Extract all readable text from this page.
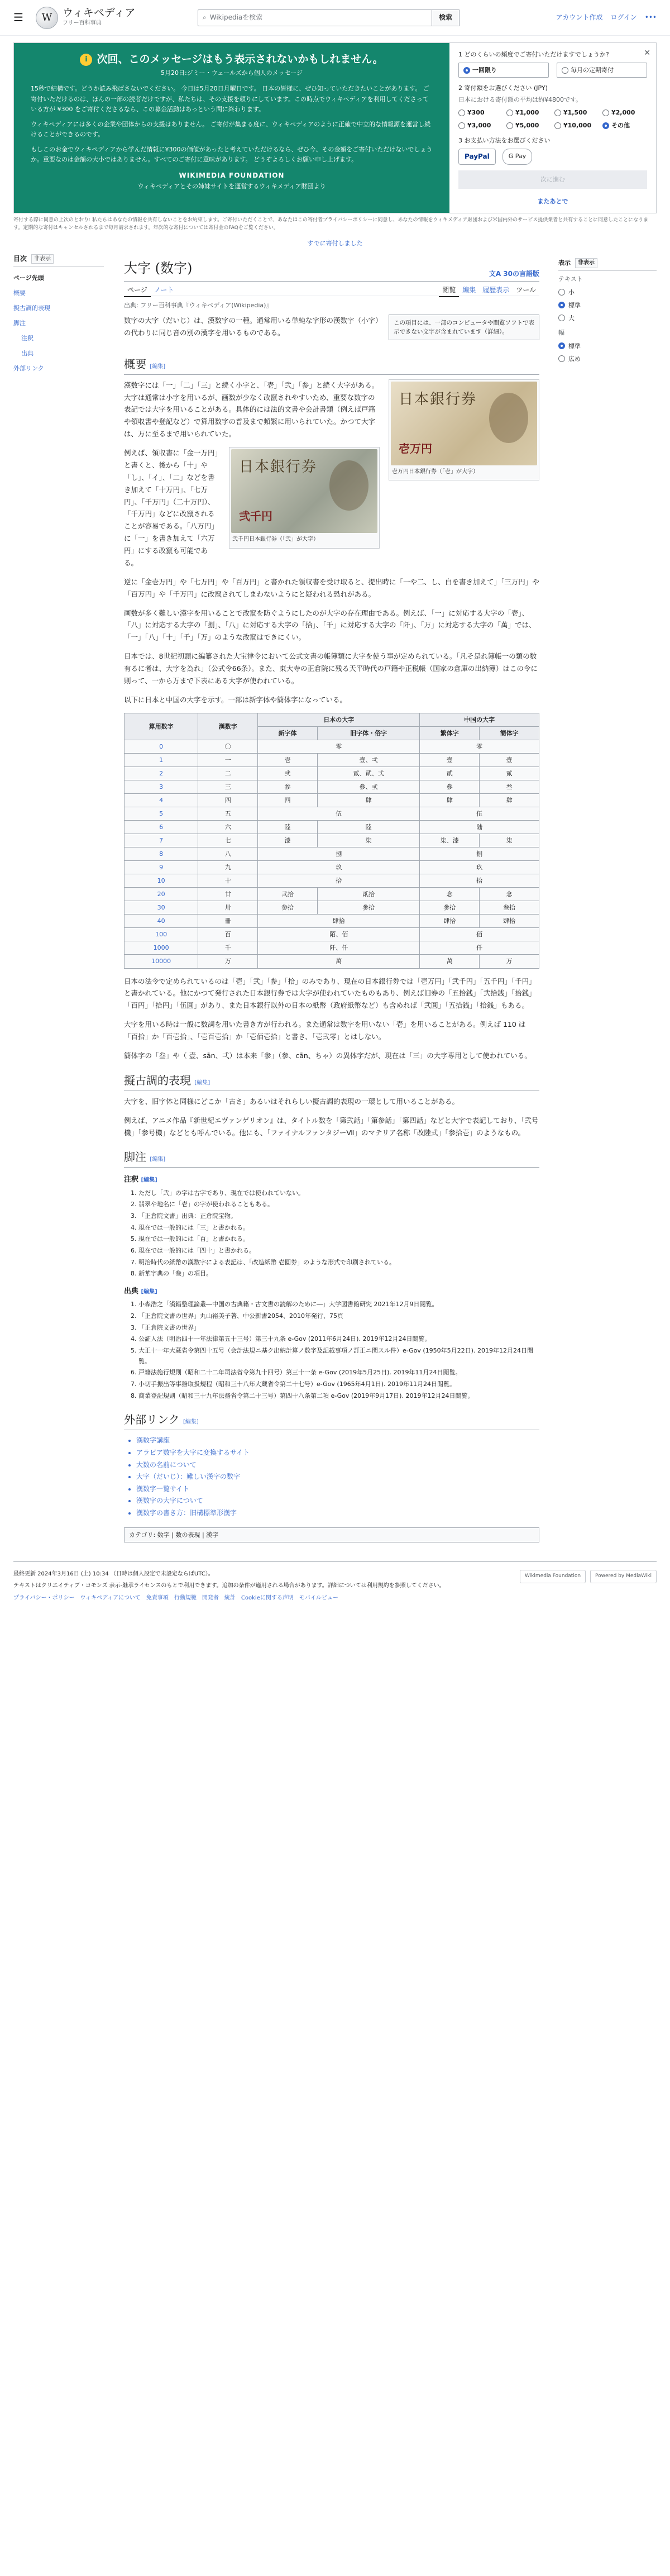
☰	W ウィキペディア
フリー百科事典
⌕ Wikipediaを検索	検索	アカウント作成 ログイン •••
i 次回、このメッセージはもう表示されないかもしれません。
5月20日:ジミー・ウェールズから個人のメッセージ

15秒で結構です。どうか読み飛ばさないでください。 今日は5月20日月曜日です。 日本の皆様に、ぜひ知っていただきたいことがあります。 ご寄付いただけるのは、ほんの一部の読者だけですが、私たちは、その支援を頼りにしています。この時点でウィキペディアを利用してくださっている方が ¥300 をご寄付くださるなら、この募金活動はあっという間に終わります。

ウィキペディアには多くの企業や団体からの支援はありません。 ご寄付が集まる度に、ウィキペディアのように正確で中立的な情報源を運営し続けることができるのです。

もしこのお金でウィキペディアから学んだ情報に¥300の価値があったと考えていただけるなら、ぜひ今、その金額をご寄付いただけないでしょうか。重要なのは金額の大小ではありません。すべてのご寄付に意味があります。 どうぞよろしくお願い申し上げます。

WIKIMEDIA FOUNDATION
ウィキペディアとその姉妹サイトを運営するウィキメディア財団より
✕
1 どのくらいの頻度でご寄付いただけますでしょうか?
一回限り	毎月の定期寄付
2 寄付額をお選びください (JPY)
日本における寄付額の平均は約¥4800です。
¥300	¥1,000	¥1,500	¥2,000
¥3,000	¥5,000	¥10,000	その他
3 お支払い方法をお選びください
PayPal	G Pay
次に進む
またあとで
寄付する際に同意の上次のとおり: 私たちはあなたの情報を共有しないことをお約束します。ご寄付いただくことで、あなたはこの寄付者プライバシーポリシーに同意し、あなたの情報をウィキメディア財団および米国内外のサービス提供業者と共有することに同意したことになります。定期的な寄付はキャンセルされるまで毎月請求されます。年次的な寄付については寄付金のFAQをご覧ください。
すでに寄付しました
目次	非表示
ページ先頭
概要
擬古調的表現
脚注
注釈
出典
外部リンク
大字 (数字)	文A 30の言語版
ページ ノート	閲覧 編集 履歴表示 ツール
出典: フリー百科事典『ウィキペディア(Wikipedia)』

数字の大字（だいじ）は、漢数字の一種。通常用いる単純な字形の漢数字（小字）の代わりに同じ音の別の漢字を用いるものである。

この項目には、一部のコンピュータや閲覧ソフトで表示できない文字が含まれています（詳細）。
概要 [編集]
日本銀行券
壱万円
壱万円日本銀行券（「壱」が大字）

漢数字には「一」「二」「三」と続く小字と、「壱」「弐」「参」と続く大字がある。大字は通常は小字を用いるが、画数が少なく改竄されやすいため、重要な数字の表記では大字を用いることがある。具体的には法的文書や会計書類（例えば戸籍や領収書や登記など）で算用数字の普及まで頻繁に用いられていた。かつて大字は、万に至るまで用いられていた。

日本銀行券
弐千円
弐千円日本銀行券（「弐」が大字）

例えば、領収書に「金一万円」と書くと、後から「十」や「し」、「イ」、「二」などを書き加えて「十万円」、「七万円」、「千万円」（二十万円）、「千万円」などに改竄されることが容易である。「八万円」に「一」を書き加えて「六万円」にする改竄も可能である。

逆に「金壱万円」や「七万円」や「百万円」と書かれた領収書を受け取ると、提出時に「一や二、し、白を書き加えて」「三万円」や「百万円」や「千万円」に改竄されてしまわないようにと疑われる恐れがある。

画数が多く難しい漢字を用いることで改竄を防ぐようにしたのが大字の存在理由である。例えば、「一」に対応する大字の「壱」、「八」に対応する大字の「捌」、「八」に対応する大字の「拾」、「千」に対応する大字の「阡」、「万」に対応する大字の「萬」では、「一」「八」「十」「千」「万」のような改竄はできにくい。

日本では、8世紀初頭に編纂された大宝律令において公式文書の帳簿類に大字を使う事が定められている。「凡そ是れ簿帳一の類の数有るに者は、大字を為れ」（公式令66条）。また、東大寺の正倉院に残る天平時代の戸籍や正税帳（国家の倉庫の出納簿）はこの令に則って、一から万まで下表にある大字が使われている。

以下に日本と中国の大字を示す。一部は新字体や簡体字になっている。

算用数字	漢数字	日本の大字		中国の大字	
		新字体	旧字体・俗字	繁体字	簡体字
0	〇	零		零	
1	一	壱	壹、弌	壹	壹
2	二	弐	貳、貮、弍	貳	贰
3	三	参	參、弎	參	叁
4	四	四	肆	肆	肆
5	五	伍		伍	
6	六	陸	陸	陆	
7	七	漆	柒	柒、漆	柒
8	八	捌		捌	
9	九	玖		玖	
10	十	拾		拾	
20	廿	弐拾	貳拾	念	念
30	卅	参拾	參拾	參拾	叁拾
40	卌	肆拾		肆拾	肆拾
100	百	陌、佰		佰	
1000	千	阡、仟		仟	
10000	万	萬		萬	万

日本の法令で定められているのは「壱」「弐」「参」「拾」のみであり、現在の日本銀行券では「壱万円」「弐千円」「五千円」「千円」と書かれている。他にかつて発行された日本銀行券では大字が使われていたものもあり、例えば旧券の「五拾銭」「弐拾銭」「拾銭」「百円」「拾円」「伍圓」があり、また日本銀行以外の日本の紙幣（政府紙幣など）も含めれば「弐圓」「五拾銭」「拾銭」もある。

大字を用いる時は一般に数詞を用いた書き方が行われる。また通常は数字を用いない「壱」を用いることがある。例えば 110 は「百拾」か「百壱拾」、「壱百壱拾」か「壱佰壱拾」と書き、「壱弐零」とはしない。

簡体字の「叁」や（ 壹、sān、弌）は本来「参」（参、cān、ちゃ）の異体字だが、現在は「三」の大字専用として使われている。

擬古調的表現 [編集]

大字を、旧字体と同様にどこか「古さ」あるいはそれらしい擬古調的表現の一環として用いることがある。

例えば、アニメ作品『新世紀エヴァンゲリオン』は、タイトル数を「第弐話」「第参話」「第四話」などと大字で表記しており、「弐号機」「参号機」などとも呼んでいる。他にも、「ファイナルファンタジーⅦ」のマテリア名称「改陸式」「参拾壱」のようなもの。

脚注 [編集]
注釈 [編集]
1. ただし「弐」の字は古字であり、現在では使われていない。
2. 翡翠や地名に「壱」の字が使われることもある。
3. 「正倉院文書」出典：正倉院宝物。
4. 現在では一般的には「三」と書かれる。
5. 現在では一般的には「百」と書かれる。
6. 現在では一般的には「四十」と書かれる。
7. 明治時代の紙幣の漢数字による表記は、「改造紙幣 壱圓券」のような形式で印刷されている。
8. 新華字典の「叁」の項目。
出典 [編集]
1. 小森浩之「漢籍整理論叢―中国の古典籍・古文書の読解のために―」大学図書館研究 2021年12月9日閲覧。
2. 「正倉院文書の世界」丸山裕美子著、中公新書2054、2010年発行、75頁
3. 「正倉院文書の世界」
4. 公証人法（明治四十一年法律第五十三号）第三十九条 e-Gov (2011年6月24日). 2019年12月24日閲覧。
5. 大正十一年大蔵省令第四十五号（会計法規ニ基ク出納計算ノ数字及記載事項ノ訂正ニ関スル件）e-Gov (1950年5月22日). 2019年12月24日閲覧。
6. 戸籍法施行規則（昭和二十二年司法省令第九十四号）第三十一条 e-Gov (2019年5月25日). 2019年11月24日閲覧。
7. 小切手振出等事務取扱規程（昭和三十八年大蔵省令第二十七号）e-Gov (1965年4月1日). 2019年11月24日閲覧。
8. 商業登記規則（昭和三十九年法務省令第二十三号）第四十八条第二項 e-Gov (2019年9月17日). 2019年12月24日閲覧。
外部リンク [編集]
• 漢数字講座
• アラビア数字を大字に変換するサイト
• 大数の名前について
• 大字（だいじ）：難しい漢字の数字
• 漢数字一覧サイト
• 漢数字の大字について
• 漢数字の書き方：旧構標準形漢字
カテゴリ: 数字 | 数の表現 | 漢字
表示	非表示
テキスト
小
標準
大
幅
標準
広め

最終更新 2024年3月16日 (土) 10:34 （日時は個人設定で未設定ならばUTC）。

テキストはクリエイティブ・コモンズ 表示-継承ライセンスのもとで利用できます。追加の条件が適用される場合があります。詳細については利用規約を参照してください。

プライバシー・ポリシー ウィキペディアについて 免責事項 行動規範 開発者 統計 Cookieに関する声明 モバイルビュー
Wikimedia Foundation	Powered by MediaWiki
